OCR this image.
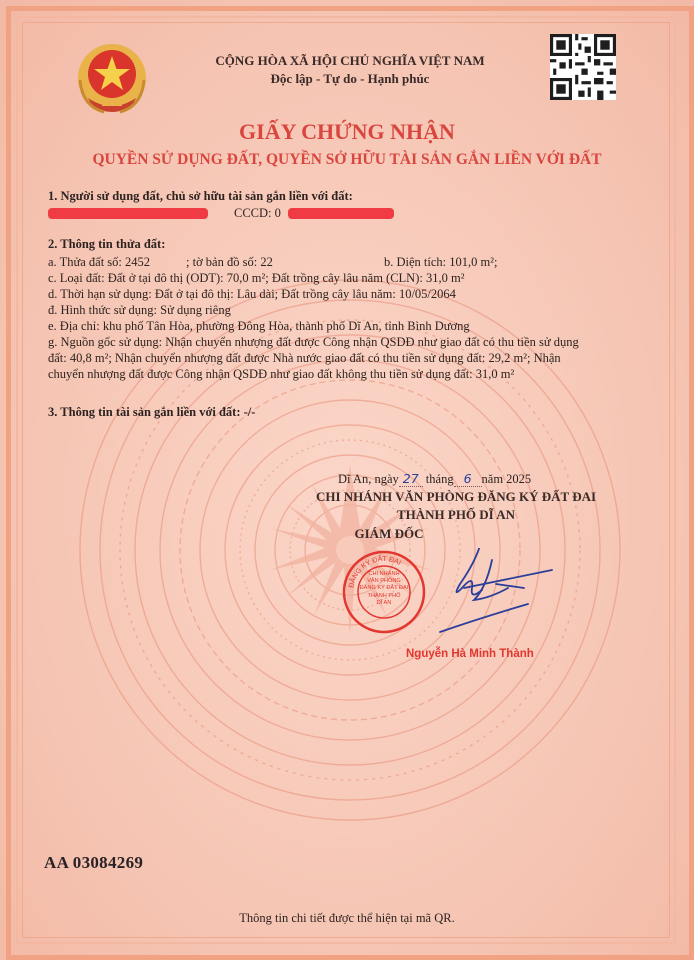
CỘNG HÒA XÃ HỘI CHỦ NGHĨA VIỆT NAM
Độc lập - Tự do - Hạnh phúc
GIẤY CHỨNG NHẬN
QUYỀN SỬ DỤNG ĐẤT, QUYỀN SỞ HỮU TÀI SẢN GẮN LIỀN VỚI ĐẤT
1. Người sử dụng đất, chủ sở hữu tài sản gắn liền với đất:
CCCD: 0
2. Thông tin thửa đất:
a. Thửa đất số: 2452	; tờ bản đồ số: 22	b. Diện tích: 101,0 m²;
c. Loại đất: Đất ở tại đô thị (ODT): 70,0 m²; Đất trồng cây lâu năm (CLN): 31,0 m²
d. Thời hạn sử dụng: Đất ở tại đô thị: Lâu dài; Đất trồng cây lâu năm: 10/05/2064
đ. Hình thức sử dụng: Sử dụng riêng
e. Địa chỉ: khu phố Tân Hòa, phường Đông Hòa, thành phố Dĩ An, tỉnh Bình Dương
g. Nguồn gốc sử dụng: Nhận chuyển nhượng đất được Công nhận QSDĐ như giao đất có thu tiền sử dụng
đất: 40,8 m²; Nhận chuyển nhượng đất được Nhà nước giao đất có thu tiền sử dụng đất: 29,2 m²; Nhận
chuyển nhượng đất được Công nhận QSDĐ như giao đất không thu tiền sử dụng đất: 31,0 m²
3. Thông tin tài sản gắn liền với đất: -/-
Dĩ An, ngày 27 tháng 6 năm 2025
CHI NHÁNH VĂN PHÒNG ĐĂNG KÝ ĐẤT ĐAI
THÀNH PHỐ DĨ AN
GIÁM ĐỐC
ĐĂNG KÝ ĐẤT ĐAI
CHI NHÁNH
VĂN PHÒNG
ĐĂNG KÝ ĐẤT ĐAI
THÀNH PHỐ
DĨ AN
Nguyễn Hà Minh Thành
AA 03084269
Thông tin chi tiết được thể hiện tại mã QR.
